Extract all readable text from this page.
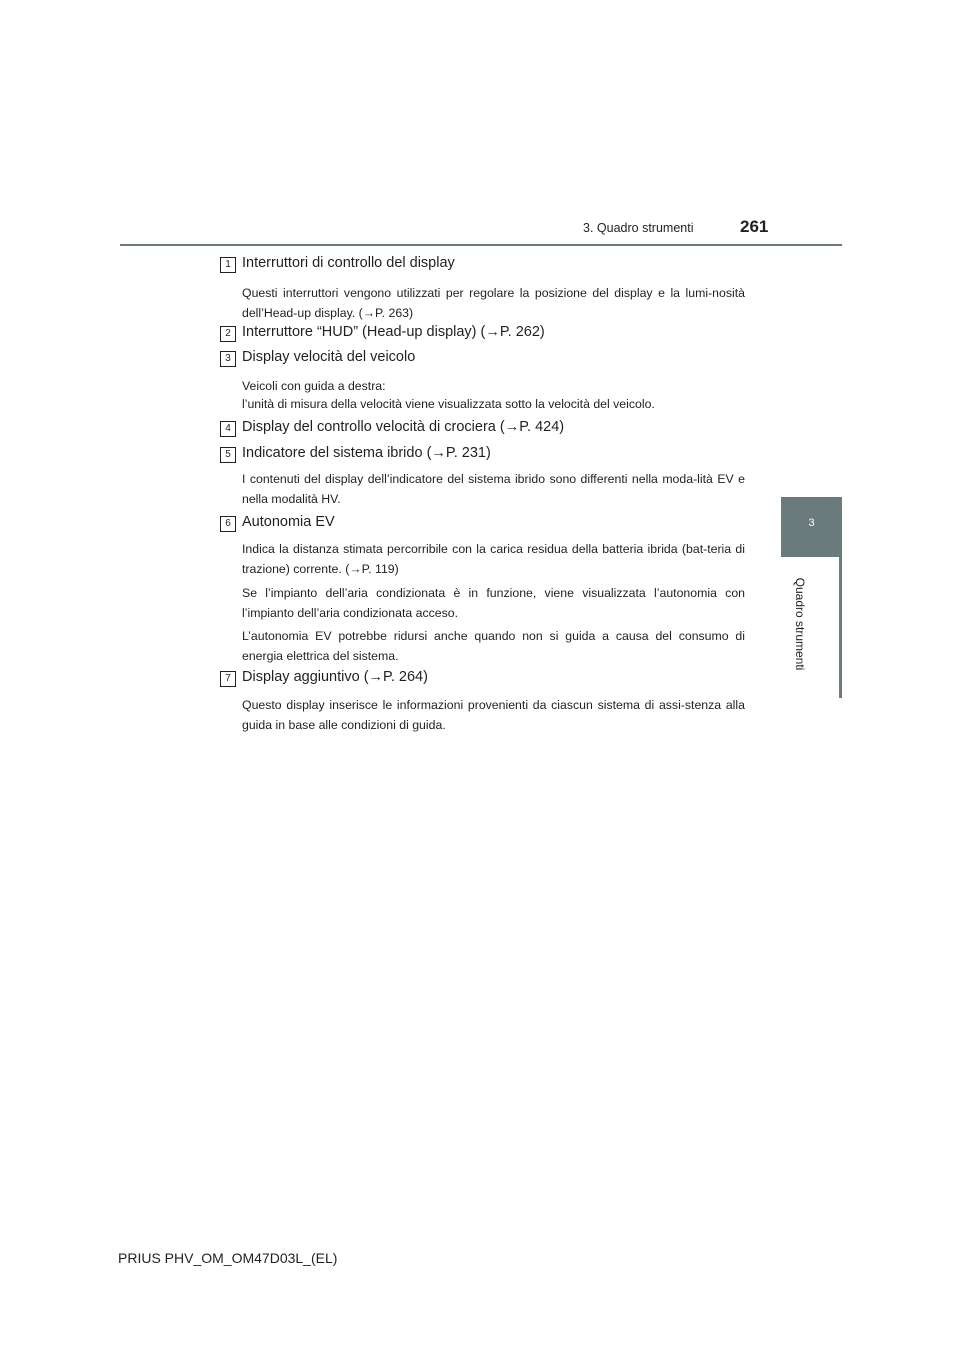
3. Quadro strumenti	261
3
Quadro strumenti
1 Interruttori di controllo del display
Questi interruttori vengono utilizzati per regolare la posizione del display e la lumi-nosità dell’Head-up display. (→P. 263)
2 Interruttore “HUD” (Head-up display) (→P. 262)
3 Display velocità del veicolo
Veicoli con guida a destra:
l’unità di misura della velocità viene visualizzata sotto la velocità del veicolo.
4 Display del controllo velocità di crociera (→P. 424)
5 Indicatore del sistema ibrido (→P. 231)
I contenuti del display dell’indicatore del sistema ibrido sono differenti nella moda-lità EV e nella modalità HV.
6 Autonomia EV
Indica la distanza stimata percorribile con la carica residua della batteria ibrida (bat-teria di trazione) corrente. (→P. 119)
Se l’impianto dell’aria condizionata è in funzione, viene visualizzata l’autonomia con l’impianto dell’aria condizionata acceso.
L’autonomia EV potrebbe ridursi anche quando non si guida a causa del consumo di energia elettrica del sistema.
7 Display aggiuntivo (→P. 264)
Questo display inserisce le informazioni provenienti da ciascun sistema di assi-stenza alla guida in base alle condizioni di guida.
PRIUS PHV_OM_OM47D03L_(EL)
